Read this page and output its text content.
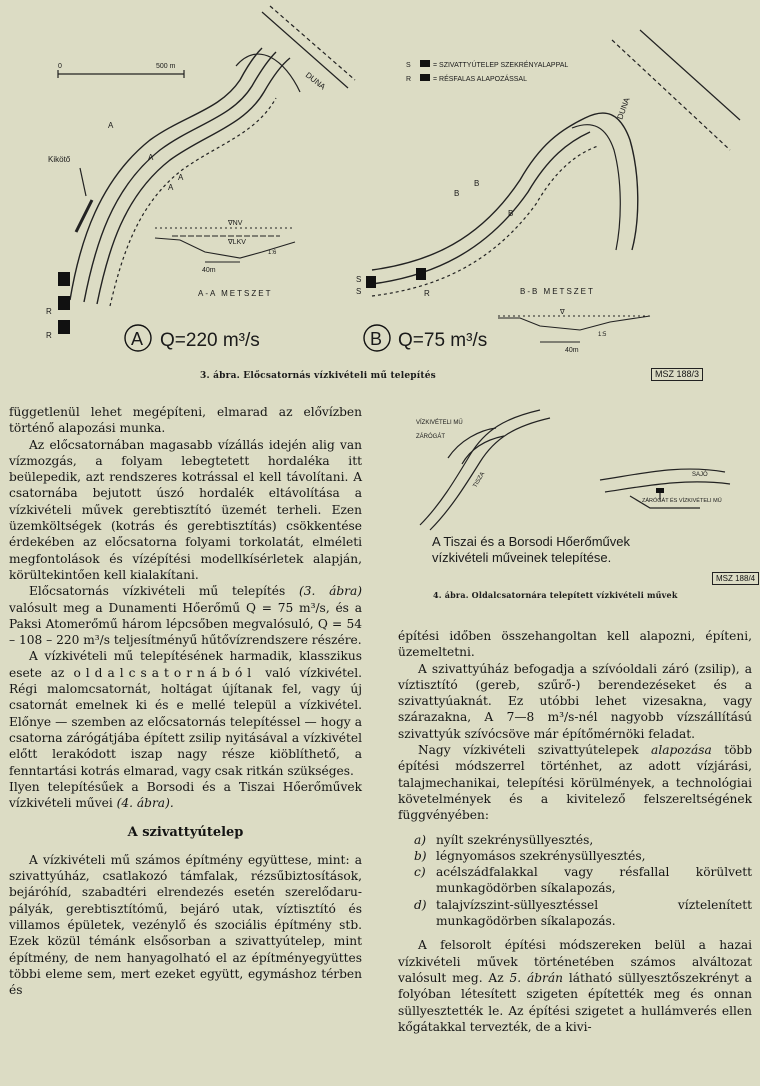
0	500 m
DUNA
Kikötő
A
A
A
A
R
R
∇NV
∇LKV
1:6
40m
A-A METSZET
A Q=220 m³/s
S	= SZIVATTYÚTELEP SZEKRÉNYALAPPAL
R	= RÉSFALAS ALAPOZÁSSAL
DUNA
B
B
B
S
S	R
∇
1:5
40m
B-B METSZET
B Q=75 m³/s
3. ábra. Előcsatornás vízkivételi mű telepítés	MSZ 188/3
VÍZKIVÉTELI MŰ
ZÁRÓGÁT
TISZA	SAJÓ
ZÁRÓGÁT ÉS VÍZKIVÉTELI MŰ
A Tiszai és a Borsodi Hőerőművek
vízkivételi műveinek telepítése.
MSZ 188/4
4. ábra. Oldalcsatornára telepített vízkivételi művek

függetlenül lehet megépíteni, elmarad az elővízben történő alapozási munka.

Az előcsatornában magasabb vízállás idején alig van vízmozgás, a folyam lebegtetett hordaléka itt beülepedik, azt rendszeres kotrással el kell távolítani. A csatornába bejutott úszó hordalék eltávolítása a vízkivételi művek gerebtisztító üzemét terheli. Ezen üzemköltségek (kotrás és gerebtisztítás) csökkentése érdekében az előcsatorna folyami torkolatát, elméleti megfontolások és vízépítési modellkísérletek alapján, körültekintően kell kialakítani.

Előcsatornás vízkivételi mű telepítés (3. ábra) valósult meg a Dunamenti Hőerőmű Q = 75 m³/s, és a Paksi Atomerőmű három lépcsőben megvalósuló, Q = 54 – 108 – 220 m³/s teljesítményű hűtővízrendszere részére.

A vízkivételi mű telepítésének harmadik, klasszikus esete az oldalcsatornából való vízkivétel. Régi malomcsatornát, holtágat újítanak fel, vagy új csatornát emelnek ki és e mellé települ a vízkivétel. Előnye — szemben az előcsatornás telepítéssel — hogy a csatorna zárógátjába épített zsilip nyitásával a vízkivétel előtt lerakódott iszap nagy része kiöblíthető, a fenntartási kotrás elmarad, vagy csak ritkán szükséges.

Ilyen telepítésűek a Borsodi és a Tiszai Hőerőművek vízkivételi művei (4. ábra).

A szivattyútelep

A vízkivételi mű számos építmény együttese, mint: a szivattyúház, csatlakozó támfalak, rézsűbiztosítások, bejáróhíd, szabadtéri elrendezés esetén szerelődaru-pályák, gerebtisztítómű, bejáró utak, víztisztító és villamos épületek, vezénylő és szociális építmény stb. Ezek közül témánk elsősorban a szivattyútelep, mint építmény, de nem hanyagolható el az építményegyüttes többi eleme sem, mert ezeket együtt, egymáshoz térben és

építési időben összehangoltan kell alapozni, építeni, üzemeltetni.

A szivattyúház befogadja a szívóoldali záró (zsilip), a víztisztító (gereb, szűrő-) berendezéseket és a szivattyúaknát. Ez utóbbi lehet vizesakna, vagy szárazakna, A 7—8 m³/s-nél nagyobb vízszállítású szivattyúk szívócsöve már építőmérnöki feladat.

Nagy vízkivételi szivattyútelepek alapozása több építési módszerrel történhet, az adott vízjárási, talajmechanikai, telepítési körülmények, a technológiai követelmények és a kivitelező felszereltségének függvényében:

a) nyílt szekrénysüllyesztés,
b) légnyomásos szekrénysüllyesztés,
c) acélszádfalakkal vagy résfallal körülvett munkagödörben síkalapozás,
d) talajvízszint-süllyesztéssel víztelenített munkagödörben síkalapozás.

A felsorolt építési módszereken belül a hazai vízkivételi művek történetében számos alváltozat valósult meg. Az 5. ábrán látható süllyesztőszekrényt a folyóban létesített szigeten építették meg és onnan süllyesztették le. Az építési szigetet a hullámverés ellen kőgátakkal tervezték, de a kivi-
